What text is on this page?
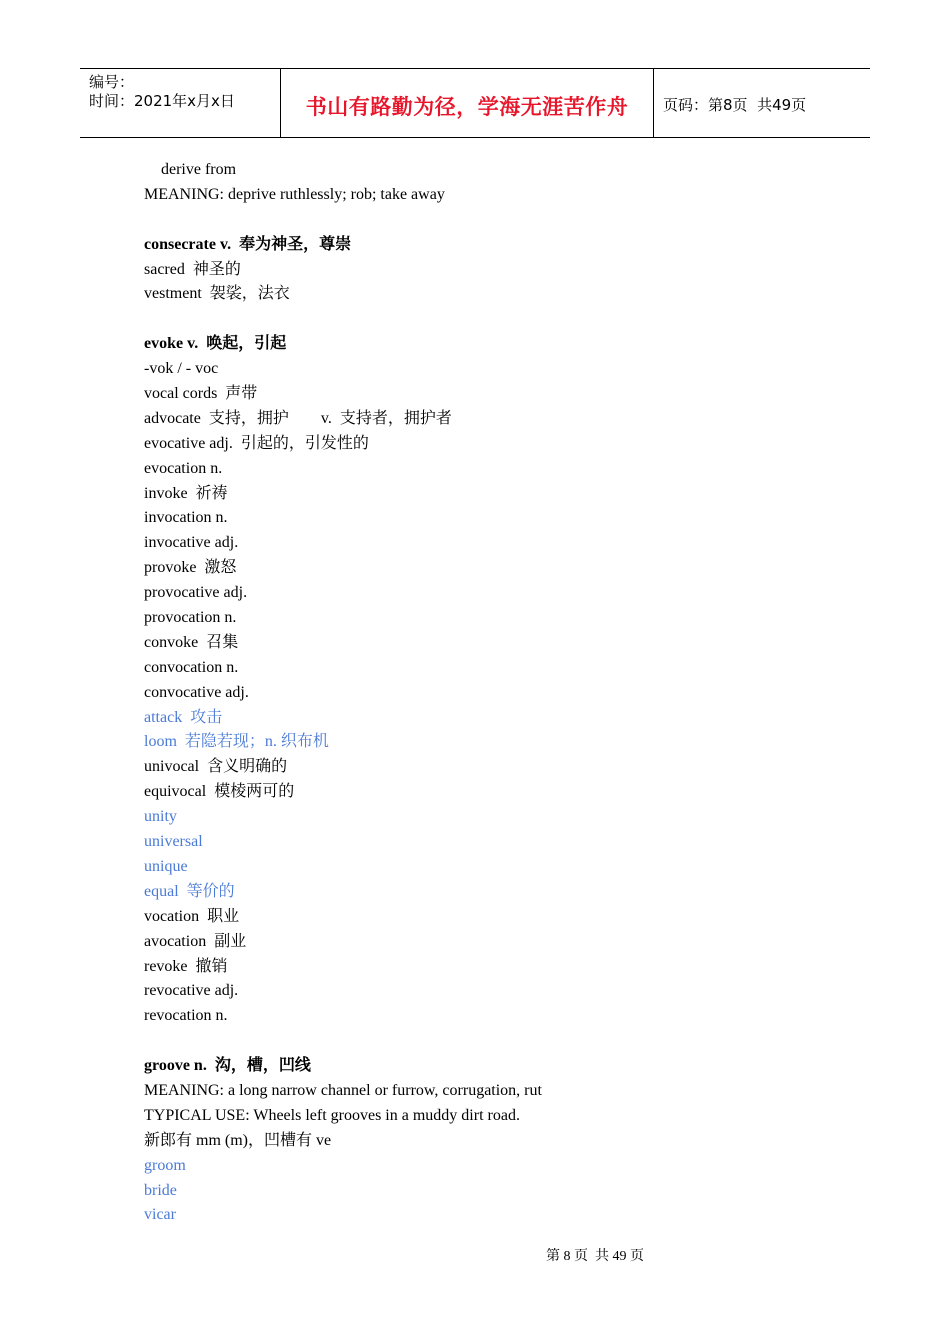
编号：
时间：2021年x月x日	书山有路勤为径，学海无涯苦作舟	页码：第8页  共49页
derive from
MEANING: deprive ruthlessly; rob; take away
consecrate v.  奉为神圣，尊崇
sacred  神圣的
vestment  袈裟，法衣
evoke v.  唤起，引起
-vok / - voc
vocal cords  声带
advocate  支持，拥护        v.  支持者，拥护者
evocative adj.  引起的，引发性的
evocation n.
invoke  祈祷
invocation n.
invocative adj.
provoke  激怒
provocative adj.
provocation n.
convoke  召集
convocation n.
convocative adj.
attack  攻击
loom  若隐若现；n. 织布机
univocal  含义明确的
equivocal  模棱两可的
unity
universal
unique
equal  等价的
vocation  职业
avocation  副业
revoke  撤销
revocative adj.
revocation n.
groove n.  沟，槽，凹线
MEANING: a long narrow channel or furrow, corrugation, rut
TYPICAL USE: Wheels left grooves in a muddy dirt road.
新郎有 mm (m)，凹槽有 ve
groom
bride
vicar
第 8 页  共 49 页
